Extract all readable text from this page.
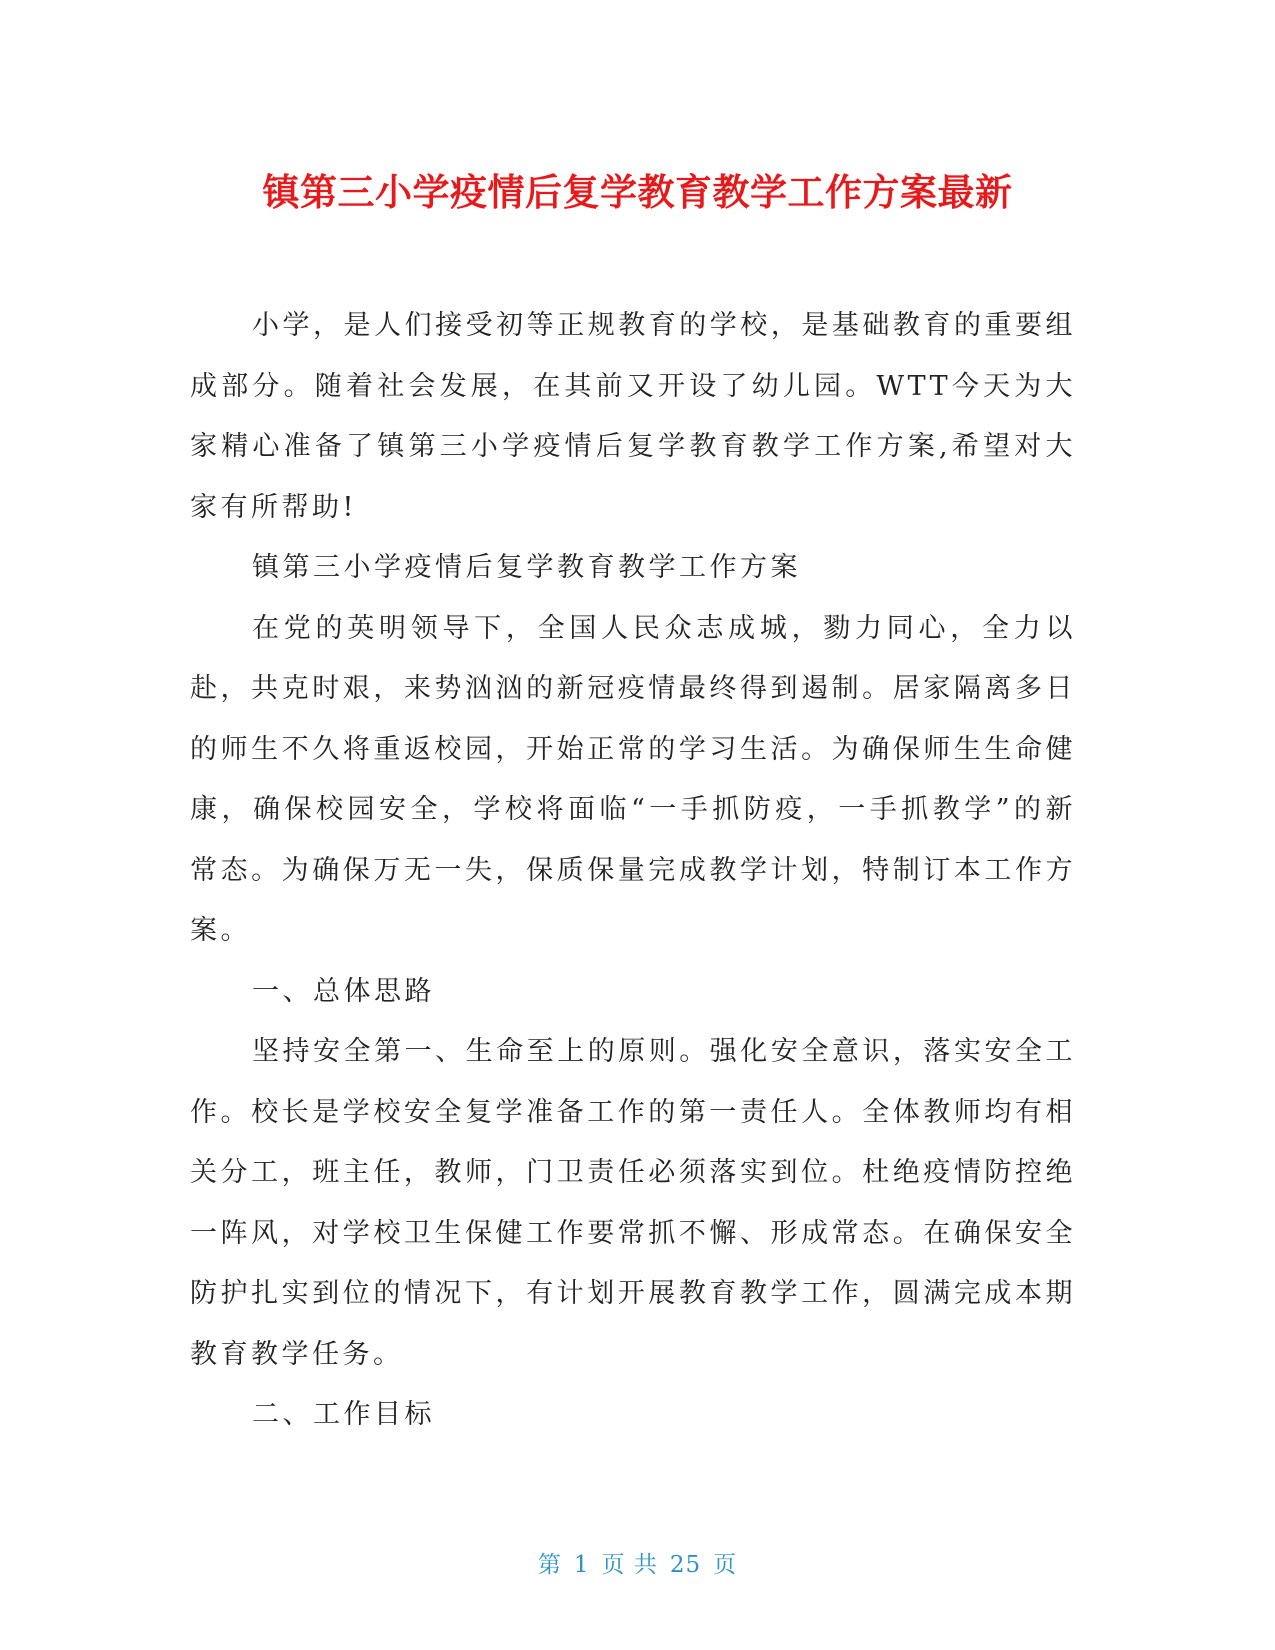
镇第三小学疫情后复学教育教学工作方案最新

小学，是人们接受初等正规教育的学校，是基础教育的重要组成部分。随着社会发展，在其前又开设了幼儿园。WTT今天为大家精心准备了镇第三小学疫情后复学教育教学工作方案,希望对大家有所帮助!

镇第三小学疫情后复学教育教学工作方案

在党的英明领导下，全国人民众志成城，勠力同心，全力以赴，共克时艰，来势汹汹的新冠疫情最终得到遏制。居家隔离多日的师生不久将重返校园，开始正常的学习生活。为确保师生生命健康，确保校园安全，学校将面临“一手抓防疫，一手抓教学”的新常态。为确保万无一失，保质保量完成教学计划，特制订本工作方案。

一、总体思路

坚持安全第一、生命至上的原则。强化安全意识，落实安全工作。校长是学校安全复学准备工作的第一责任人。全体教师均有相关分工，班主任，教师，门卫责任必须落实到位。杜绝疫情防控绝一阵风，对学校卫生保健工作要常抓不懈、形成常态。在确保安全防护扎实到位的情况下，有计划开展教育教学工作，圆满完成本期教育教学任务。

二、工作目标

第 1 页 共 25 页
